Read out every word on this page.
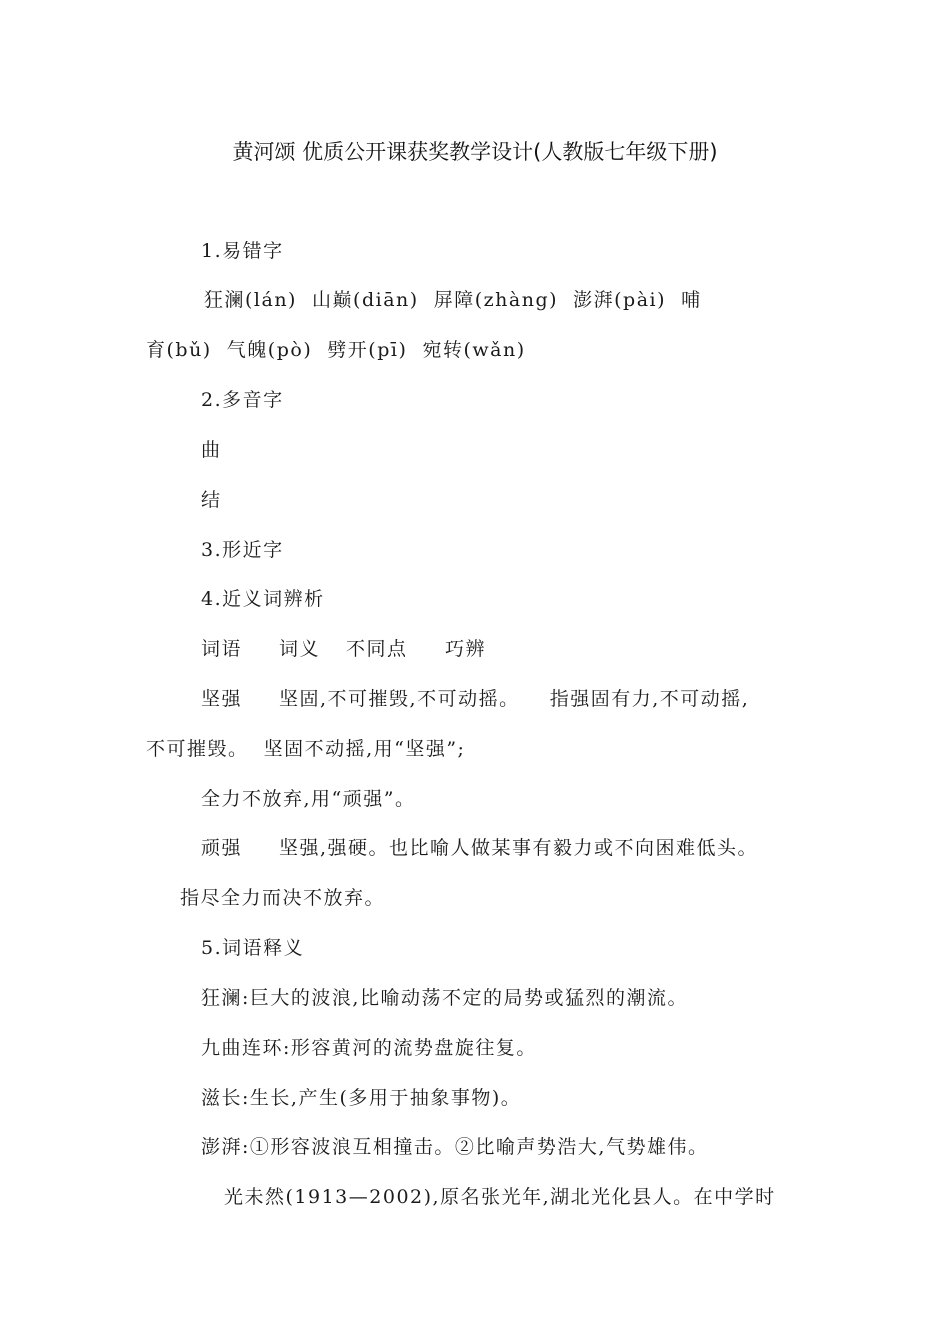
黄河颂 优质公开课获奖教学设计(人教版七年级下册)
1.易错字
狂澜(lán)  山巅(diān)  屏障(zhàng)  澎湃(pài)  哺
育(bǔ)  气魄(pò)  劈开(pī)  宛转(wǎn)
2.多音字
曲
结
3.形近字
4.近义词辨析
词语 词义 不同点 巧辨
坚强 坚固,不可摧毁,不可动摇。    指强固有力,不可动摇,
不可摧毁。  坚固不动摇,用“坚强”;
全力不放弃,用“顽强”。
顽强 坚强,强硬。也比喻人做某事有毅力或不向困难低头。
指尽全力而决不放弃。
5.词语释义
狂澜:巨大的波浪,比喻动荡不定的局势或猛烈的潮流。
九曲连环:形容黄河的流势盘旋往复。
滋长:生长,产生(多用于抽象事物)。
澎湃:①形容波浪互相撞击。②比喻声势浩大,气势雄伟。
光未然(1913—2002),原名张光年,湖北光化县人。在中学时
